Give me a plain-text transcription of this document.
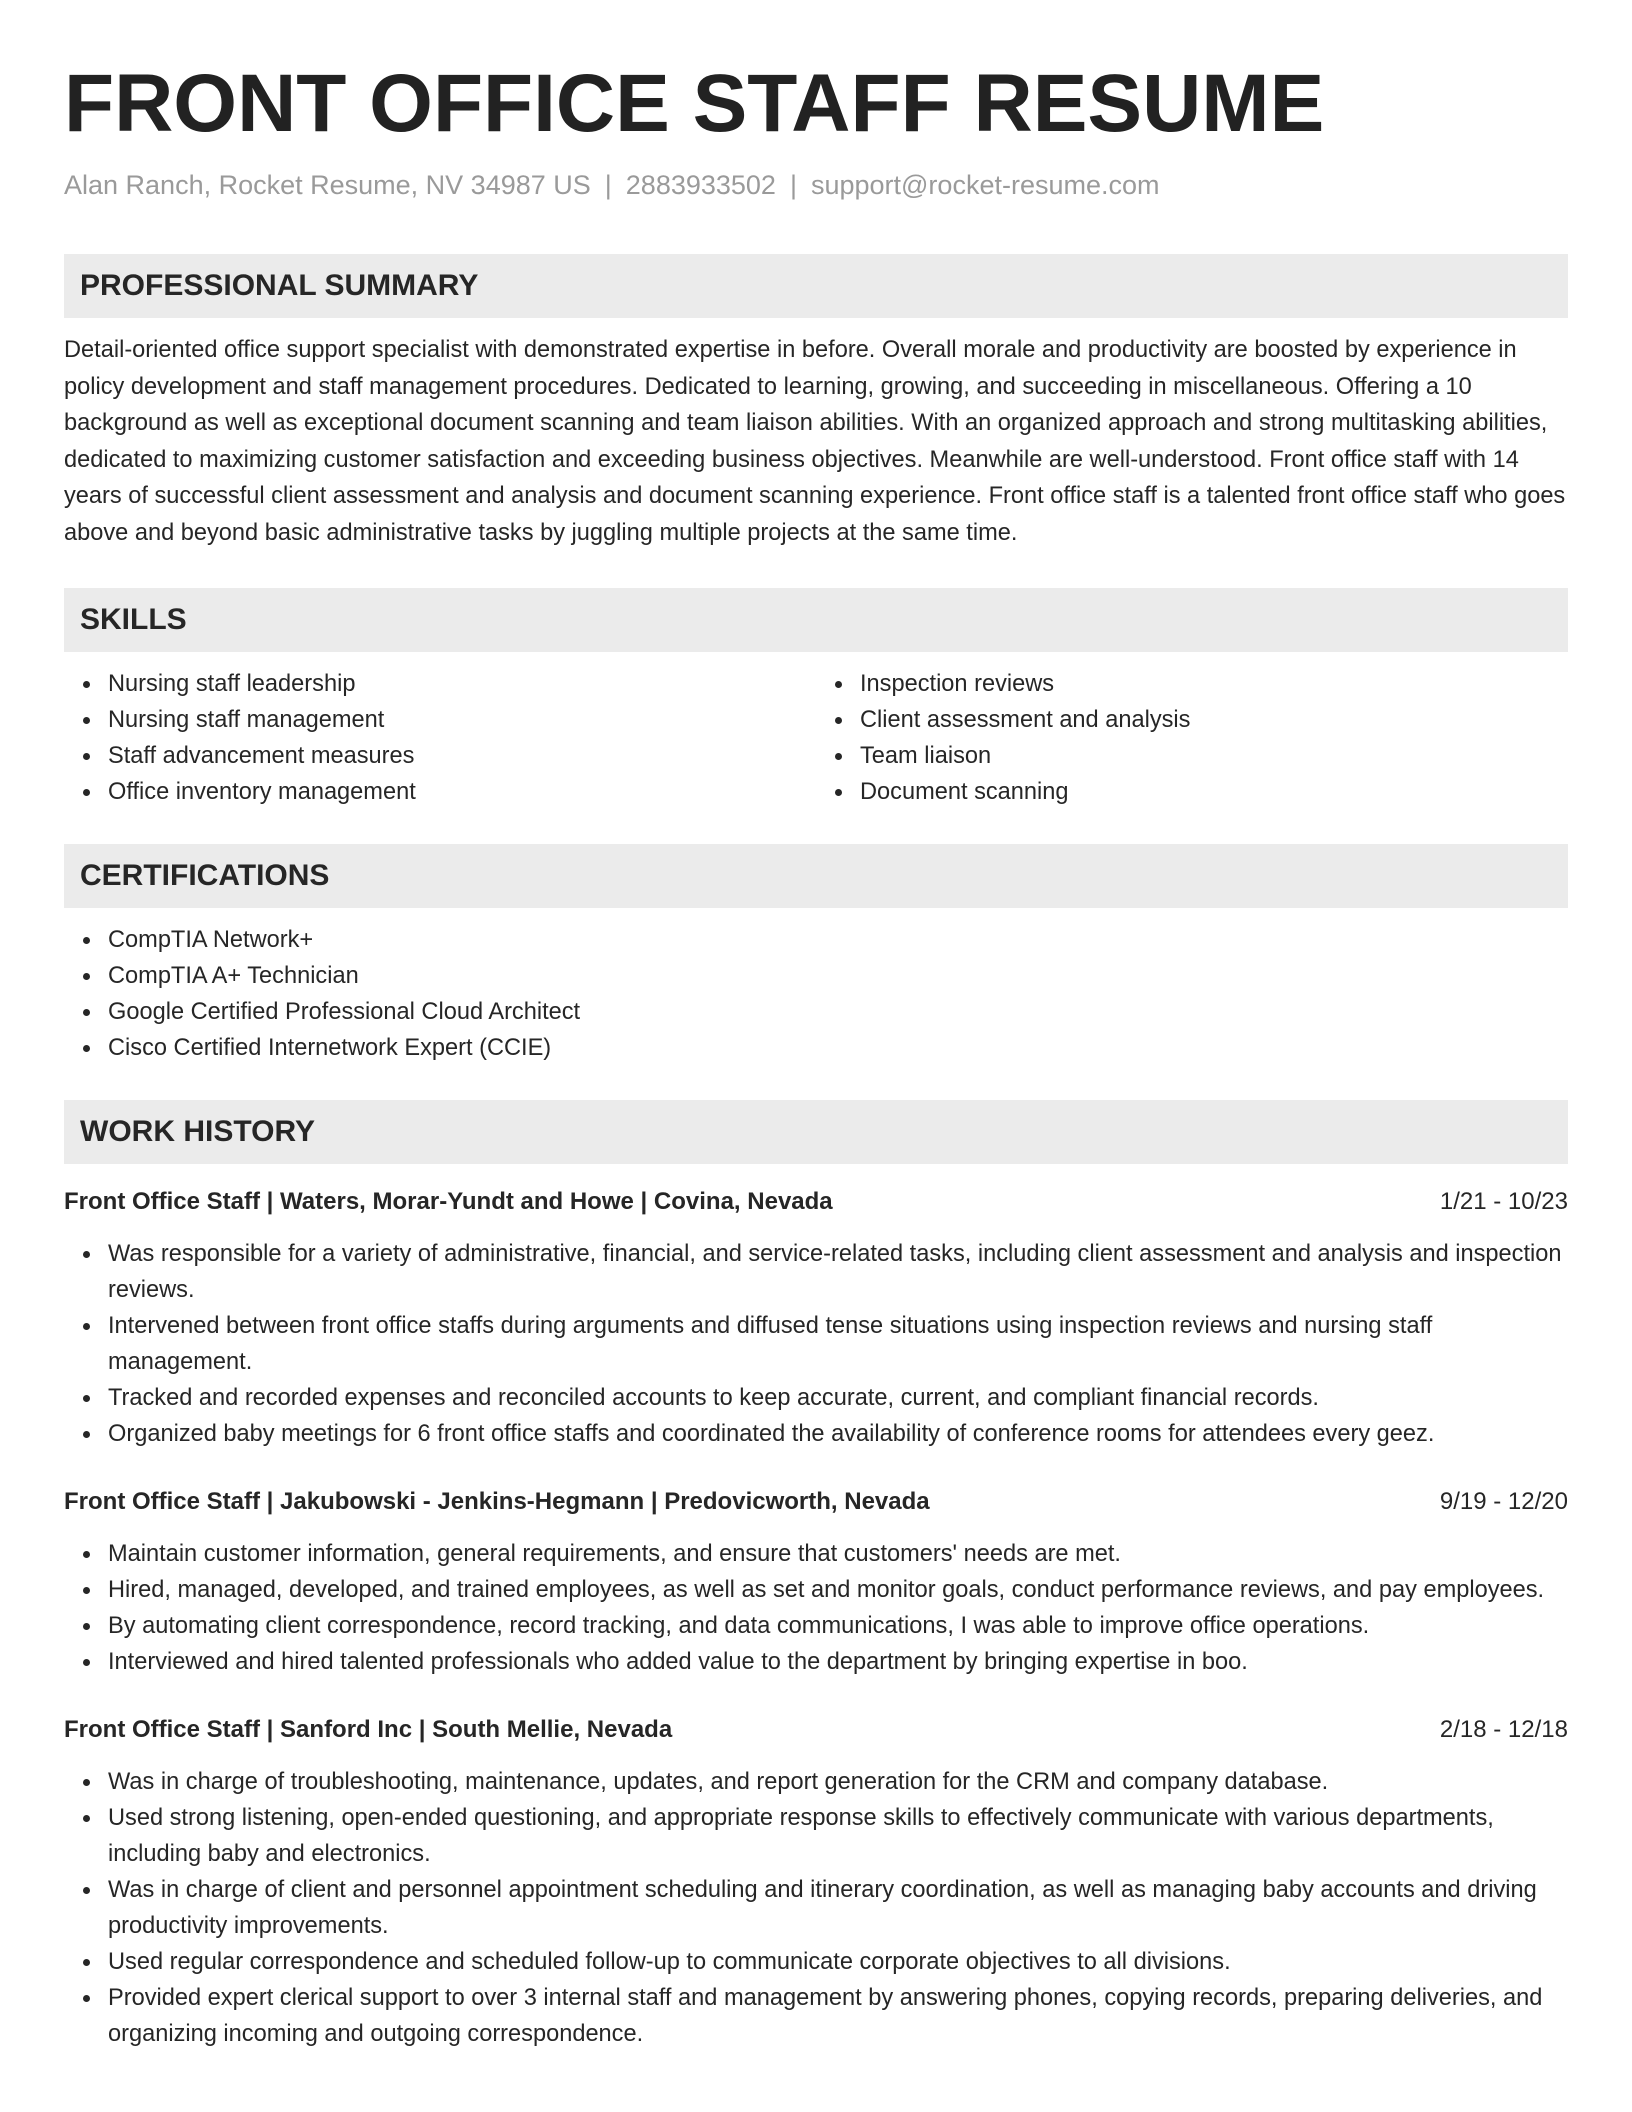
FRONT OFFICE STAFF RESUME
Alan Ranch, Rocket Resume, NV 34987 US | 2883933502 | support@rocket-resume.com
PROFESSIONAL SUMMARY

Detail-oriented office support specialist with demonstrated expertise in before. Overall morale and productivity are boosted by experience in policy development and staff management procedures. Dedicated to learning, growing, and succeeding in miscellaneous. Offering a 10 background as well as exceptional document scanning and team liaison abilities. With an organized approach and strong multitasking abilities, dedicated to maximizing customer satisfaction and exceeding business objectives. Meanwhile are well-understood. Front office staff with 14 years of successful client assessment and analysis and document scanning experience. Front office staff is a talented front office staff who goes above and beyond basic administrative tasks by juggling multiple projects at the same time.

SKILLS
Nursing staff leadership
Nursing staff management
Staff advancement measures
Office inventory management
Inspection reviews
Client assessment and analysis
Team liaison
Document scanning
CERTIFICATIONS
CompTIA Network+
CompTIA A+ Technician
Google Certified Professional Cloud Architect
Cisco Certified Internetwork Expert (CCIE)
WORK HISTORY
Front Office Staff | Waters, Morar-Yundt and Howe | Covina, Nevada	1/21 - 10/23
Was responsible for a variety of administrative, financial, and service-related tasks, including client assessment and analysis and inspection reviews.
Intervened between front office staffs during arguments and diffused tense situations using inspection reviews and nursing staff management.
Tracked and recorded expenses and reconciled accounts to keep accurate, current, and compliant financial records.
Organized baby meetings for 6 front office staffs and coordinated the availability of conference rooms for attendees every geez.
Front Office Staff | Jakubowski - Jenkins-Hegmann | Predovicworth, Nevada	9/19 - 12/20
Maintain customer information, general requirements, and ensure that customers' needs are met.
Hired, managed, developed, and trained employees, as well as set and monitor goals, conduct performance reviews, and pay employees.
By automating client correspondence, record tracking, and data communications, I was able to improve office operations.
Interviewed and hired talented professionals who added value to the department by bringing expertise in boo.
Front Office Staff | Sanford Inc | South Mellie, Nevada	2/18 - 12/18
Was in charge of troubleshooting, maintenance, updates, and report generation for the CRM and company database.
Used strong listening, open-ended questioning, and appropriate response skills to effectively communicate with various departments, including baby and electronics.
Was in charge of client and personnel appointment scheduling and itinerary coordination, as well as managing baby accounts and driving productivity improvements.
Used regular correspondence and scheduled follow-up to communicate corporate objectives to all divisions.
Provided expert clerical support to over 3 internal staff and management by answering phones, copying records, preparing deliveries, and organizing incoming and outgoing correspondence.
